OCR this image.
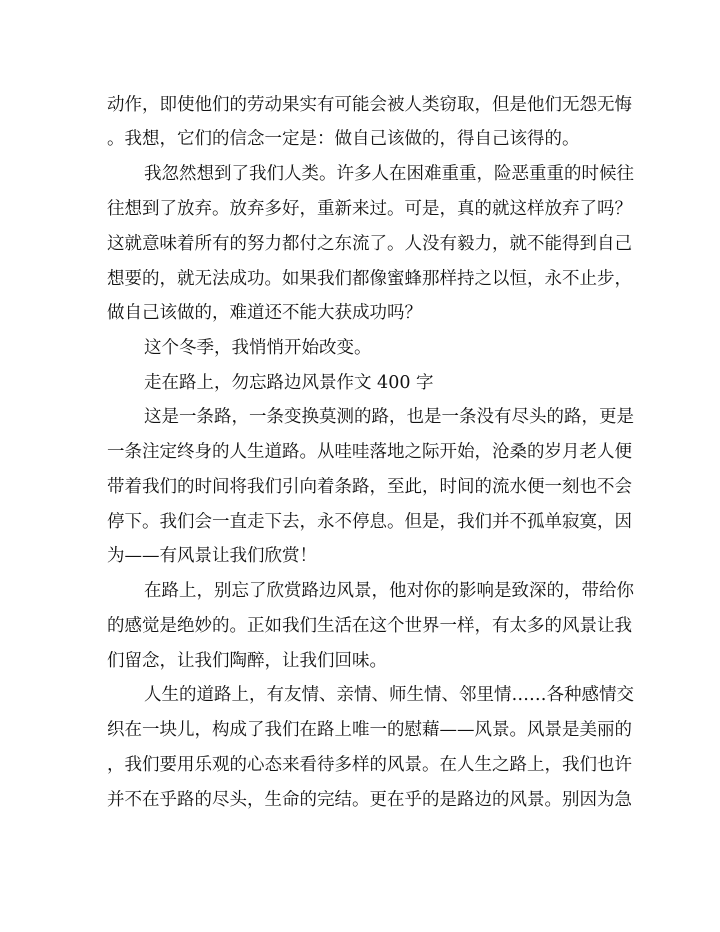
动作，即使他们的劳动果实有可能会被人类窃取，但是他们无怨无悔
。我想，它们的信念一定是：做自己该做的，得自己该得的。
我忽然想到了我们人类。许多人在困难重重，险恶重重的时候往
往想到了放弃。放弃多好，重新来过。可是，真的就这样放弃了吗？
这就意味着所有的努力都付之东流了。人没有毅力，就不能得到自己
想要的，就无法成功。如果我们都像蜜蜂那样持之以恒，永不止步，
做自己该做的，难道还不能大获成功吗？
这个冬季，我悄悄开始改变。
走在路上，勿忘路边风景作文 400 字
这是一条路，一条变换莫测的路，也是一条没有尽头的路，更是
一条注定终身的人生道路。从哇哇落地之际开始，沧桑的岁月老人便
带着我们的时间将我们引向着条路，至此，时间的流水便一刻也不会
停下。我们会一直走下去，永不停息。但是，我们并不孤单寂寞，因
为——有风景让我们欣赏！
在路上，别忘了欣赏路边风景，他对你的影响是致深的，带给你
的感觉是绝妙的。正如我们生活在这个世界一样，有太多的风景让我
们留念，让我们陶醉，让我们回味。
人生的道路上，有友情、亲情、师生情、邻里情……各种感情交
织在一块儿，构成了我们在路上唯一的慰藉——风景。风景是美丽的
，我们要用乐观的心态来看待多样的风景。在人生之路上，我们也许
并不在乎路的尽头，生命的完结。更在乎的是路边的风景。别因为急
